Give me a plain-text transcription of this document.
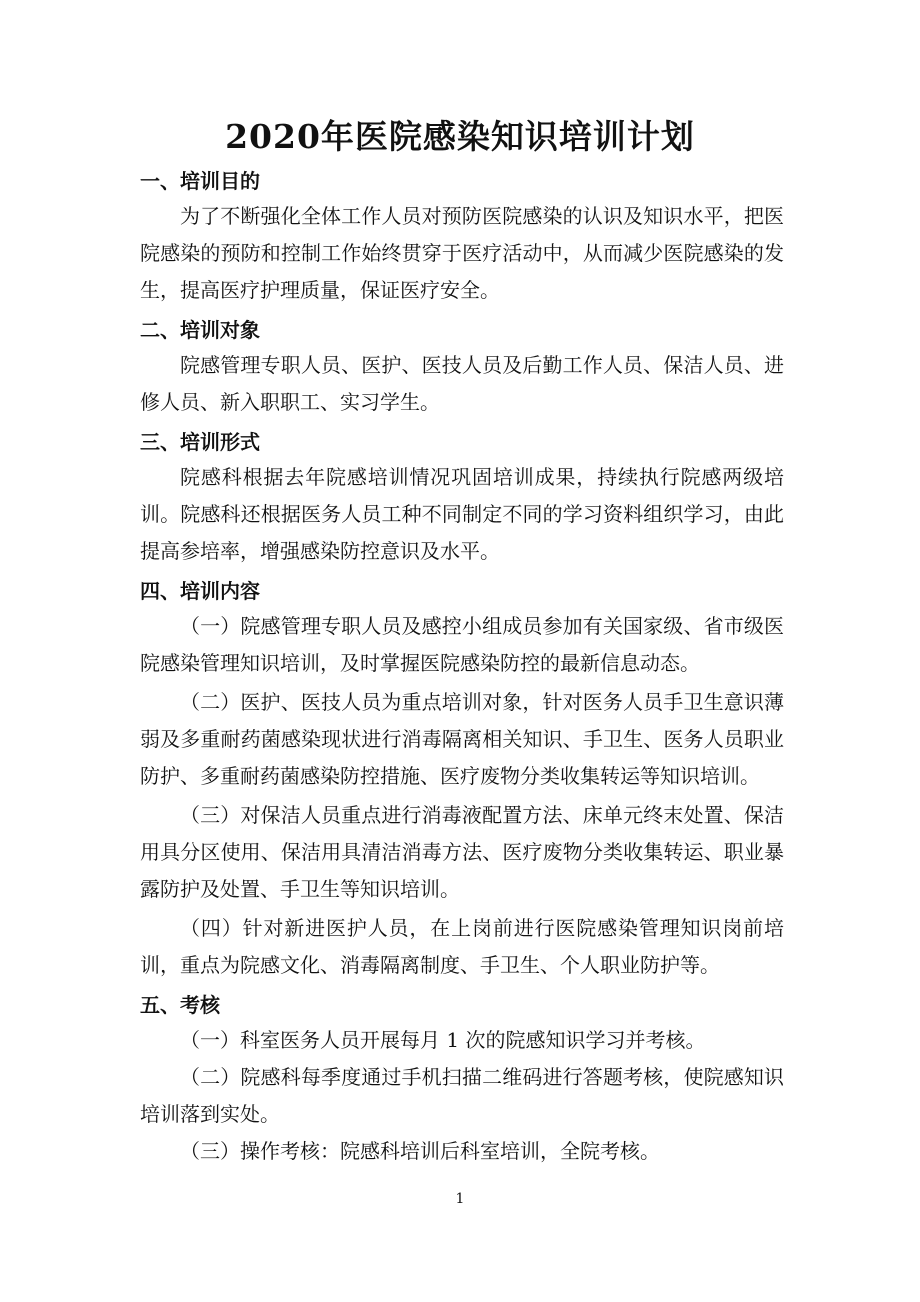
2020年医院感染知识培训计划
一、培训目的

为了不断强化全体工作人员对预防医院感染的认识及知识水平，把医院感染的预防和控制工作始终贯穿于医疗活动中，从而减少医院感染的发生，提高医疗护理质量，保证医疗安全。

二、培训对象

院感管理专职人员、医护、医技人员及后勤工作人员、保洁人员、进修人员、新入职职工、实习学生。

三、培训形式

院感科根据去年院感培训情况巩固培训成果，持续执行院感两级培训。院感科还根据医务人员工种不同制定不同的学习资料组织学习，由此提高参培率，增强感染防控意识及水平。

四、培训内容

（一）院感管理专职人员及感控小组成员参加有关国家级、省市级医院感染管理知识培训，及时掌握医院感染防控的最新信息动态。

（二）医护、医技人员为重点培训对象，针对医务人员手卫生意识薄弱及多重耐药菌感染现状进行消毒隔离相关知识、手卫生、医务人员职业防护、多重耐药菌感染防控措施、医疗废物分类收集转运等知识培训。

（三）对保洁人员重点进行消毒液配置方法、床单元终末处置、保洁用具分区使用、保洁用具清洁消毒方法、医疗废物分类收集转运、职业暴露防护及处置、手卫生等知识培训。

（四）针对新进医护人员，在上岗前进行医院感染管理知识岗前培训，重点为院感文化、消毒隔离制度、手卫生、个人职业防护等。

五、考核

（一）科室医务人员开展每月 1 次的院感知识学习并考核。

（二）院感科每季度通过手机扫描二维码进行答题考核，使院感知识培训落到实处。

（三）操作考核：院感科培训后科室培训，全院考核。

1
